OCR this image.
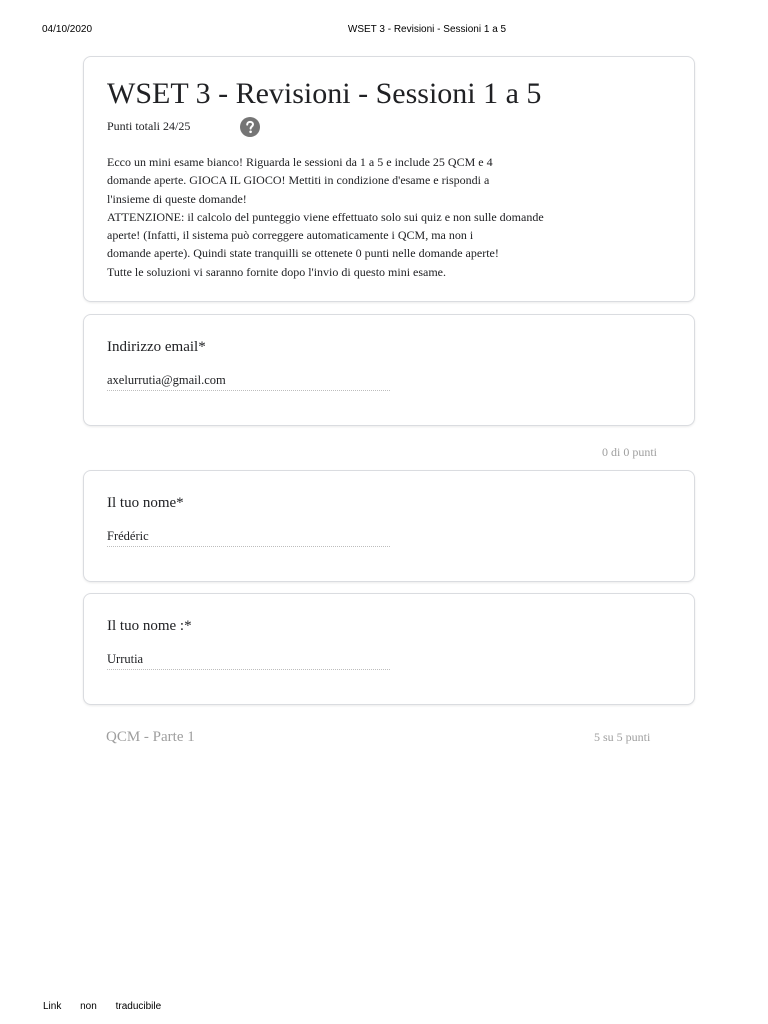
04/10/2020	WSET 3 - Revisioni - Sessioni 1 a 5
WSET 3 - Revisioni - Sessioni 1 a 5
Punti totali 24/25
Ecco un mini esame bianco! Riguarda le sessioni da 1 a 5 e include 25 QCM e 4
domande aperte. GIOCA IL GIOCO! Mettiti in condizione d'esame e rispondi a
l'insieme di queste domande!
ATTENZIONE: il calcolo del punteggio viene effettuato solo sui quiz e non sulle domande
aperte! (Infatti, il sistema può correggere automaticamente i QCM, ma non i
domande aperte). Quindi state tranquilli se ottenete 0 punti nelle domande aperte!
Tutte le soluzioni vi saranno fornite dopo l'invio di questo mini esame.
Indirizzo email*
axelurrutia@gmail.com
0 di 0 punti
Il tuo nome*
Frédéric
Il tuo nome :*
Urrutia
QCM - Parte 1	5 su 5 punti
Link non traducibile
